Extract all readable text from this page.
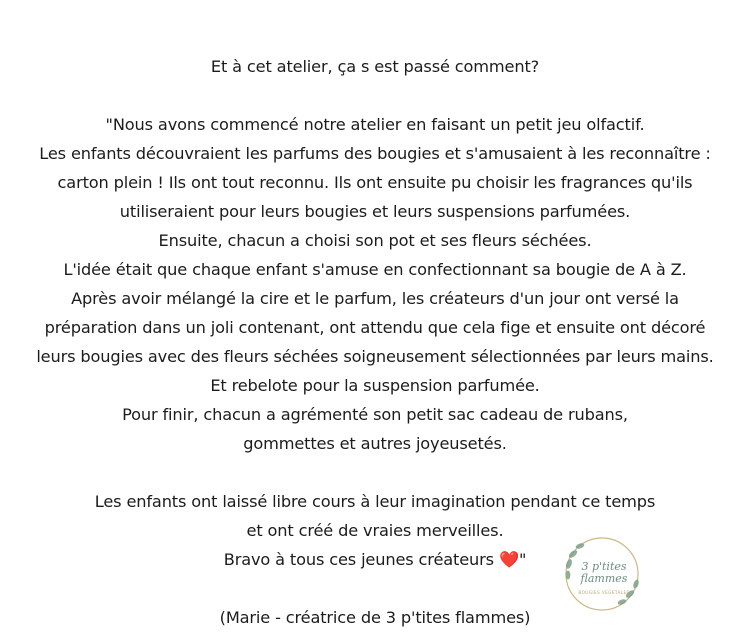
Et à cet atelier, ça s est passé comment?
"Nous avons commencé notre atelier en faisant un petit jeu olfactif.
Les enfants découvraient les parfums des bougies et s'amusaient à les reconnaître :
carton plein ! Ils ont tout reconnu. Ils ont ensuite pu choisir les fragrances qu'ils
utiliseraient pour leurs bougies et leurs suspensions parfumées.
Ensuite, chacun a choisi son pot et ses fleurs séchées.
L'idée était que chaque enfant s'amuse en confectionnant sa bougie de A à Z.
Après avoir mélangé la cire et le parfum, les créateurs d'un jour ont versé la
préparation dans un joli contenant, ont attendu que cela fige et ensuite ont décoré
leurs bougies avec des fleurs séchées soigneusement sélectionnées par leurs mains.
Et rebelote pour la suspension parfumée.
Pour finir, chacun a agrémenté son petit sac cadeau de rubans,
gommettes et autres joyeusetés.
Les enfants ont laissé libre cours à leur imagination pendant ce temps
et ont créé de vraies merveilles.
Bravo à tous ces jeunes créateurs ❤️"
(Marie - créatrice de 3 p'tites flammes)
3 p'tites
flammes
BOUGIES VEGETALES
